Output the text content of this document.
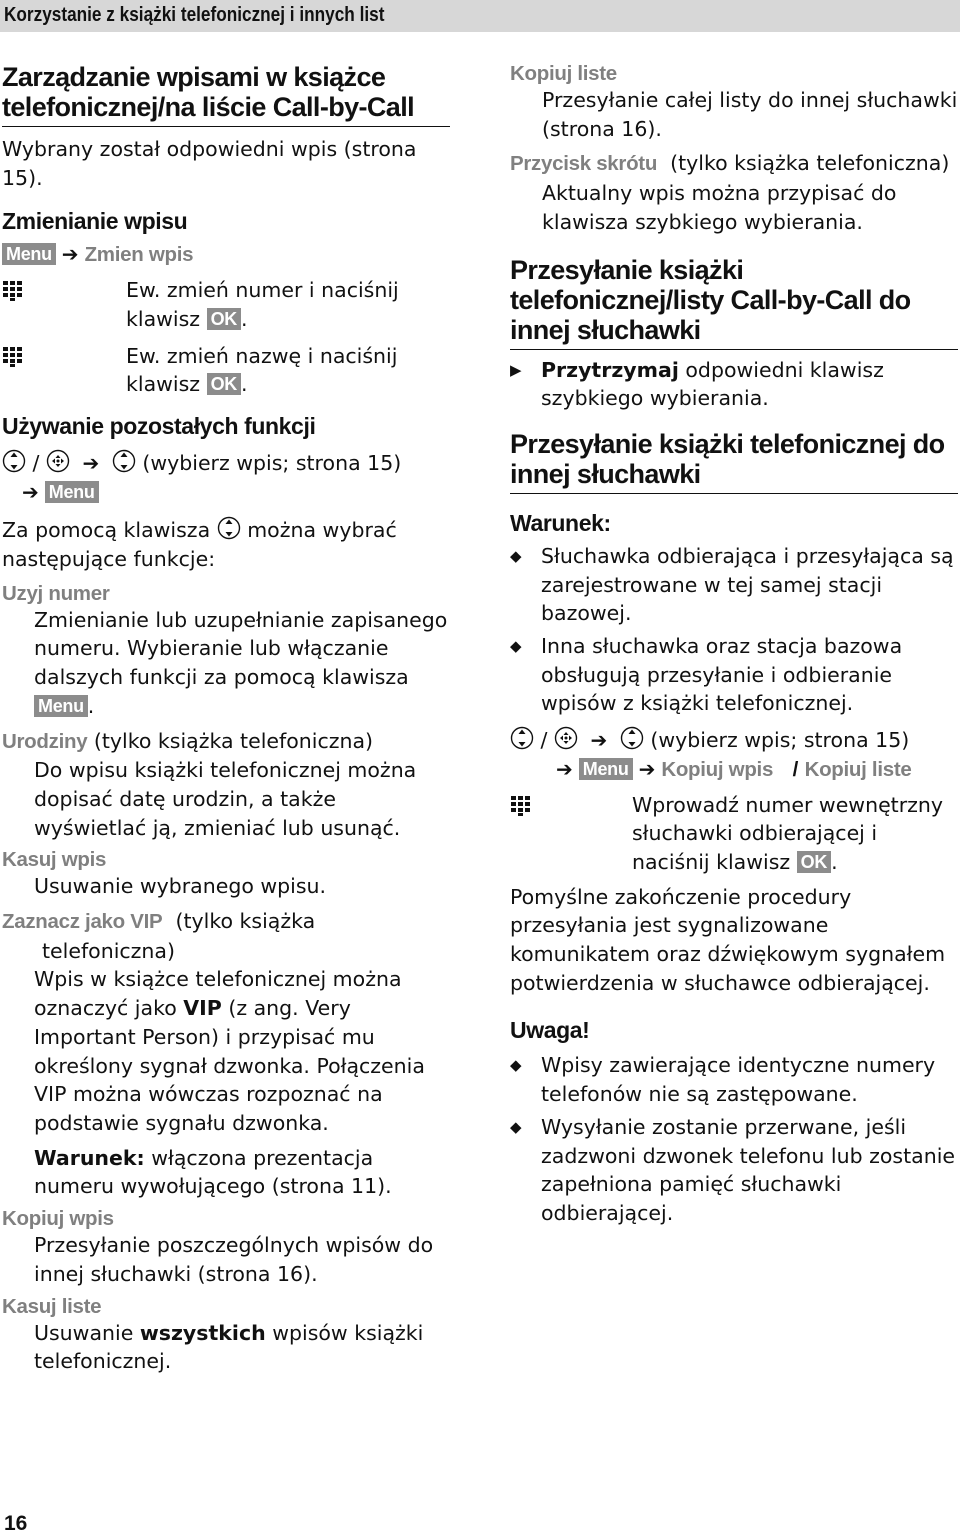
Korzystanie z książki telefonicznej i innych list
Zarządzanie wpisami w książce telefonicznej/na liście Call-by-Call

Wybrany został odpowiedni wpis (strona 15).

Zmienianie wpisu

Menu ➔ Zmien wpis

Ew. zmień numer i naciśnij klawisz OK .

Ew. zmień nazwę i naciśnij klawisz OK .

Używanie pozostałych funkcji

/ ➔ (wybierz wpis; strona 15)

➔ Menu

Za pomocą klawisza można wybrać następujące funkcje:

Uzyj numer

Zmienianie lub uzupełnianie zapisanego numeru. Wybieranie lub włączanie dalszych funkcji za pomocą klawisza Menu .

Urodziny (tylko książka telefoniczna)

Do wpisu książki telefonicznej można dopisać datę urodzin, a także wyświetlać ją, zmieniać lub usunąć.

Kasuj wpis

Usuwanie wybranego wpisu.

Zaznacz jako VIP (tylko książka telefoniczna)

Wpis w książce telefonicznej można oznaczyć jako VIP (z ang. Very Important Person) i przypisać mu określony sygnał dzwonka. Połączenia VIP można wówczas rozpoznać na podstawie sygnału dzwonka.

Warunek: włączona prezentacja numeru wywołującego (strona 11).

Kopiuj wpis

Przesyłanie poszczególnych wpisów do innej słuchawki (strona 16).

Kasuj liste

Usuwanie wszystkich wpisów książki telefonicznej.

Kopiuj liste

Przesyłanie całej listy do innej słuchawki (strona 16).

Przycisk skrótu (tylko książka telefoniczna)

Aktualny wpis można przypisać do klawisza szybkiego wybierania.

Przesyłanie książki telefonicznej/listy Call-by-Call do innej słuchawki
▶ Przytrzymaj odpowiedni klawisz szybkiego wybierania.

Przesyłanie książki telefonicznej do innej słuchawki
Warunek:
◆ Słuchawka odbierająca i przesyłająca są zarejestrowane w tej samej stacji bazowej.

◆ Inna słuchawka oraz stacja bazowa obsługują przesyłanie i odbieranie wpisów z książki telefonicznej.

/ ➔ (wybierz wpis; strona 15)

➔ Menu ➔ Kopiuj wpis / Kopiuj liste

Wprowadź numer wewnętrzny słuchawki odbierającej i naciśnij klawisz OK .

Pomyślne zakończenie procedury przesyłania jest sygnalizowane komunikatem oraz dźwiękowym sygnałem potwierdzenia w słuchawce odbierającej.

Uwaga!
◆ Wpisy zawierające identyczne numery telefonów nie są zastępowane.

◆ Wysyłanie zostanie przerwane, jeśli zadzwoni dzwonek telefonu lub zostanie zapełniona pamięć słuchawki odbierającej.

16
